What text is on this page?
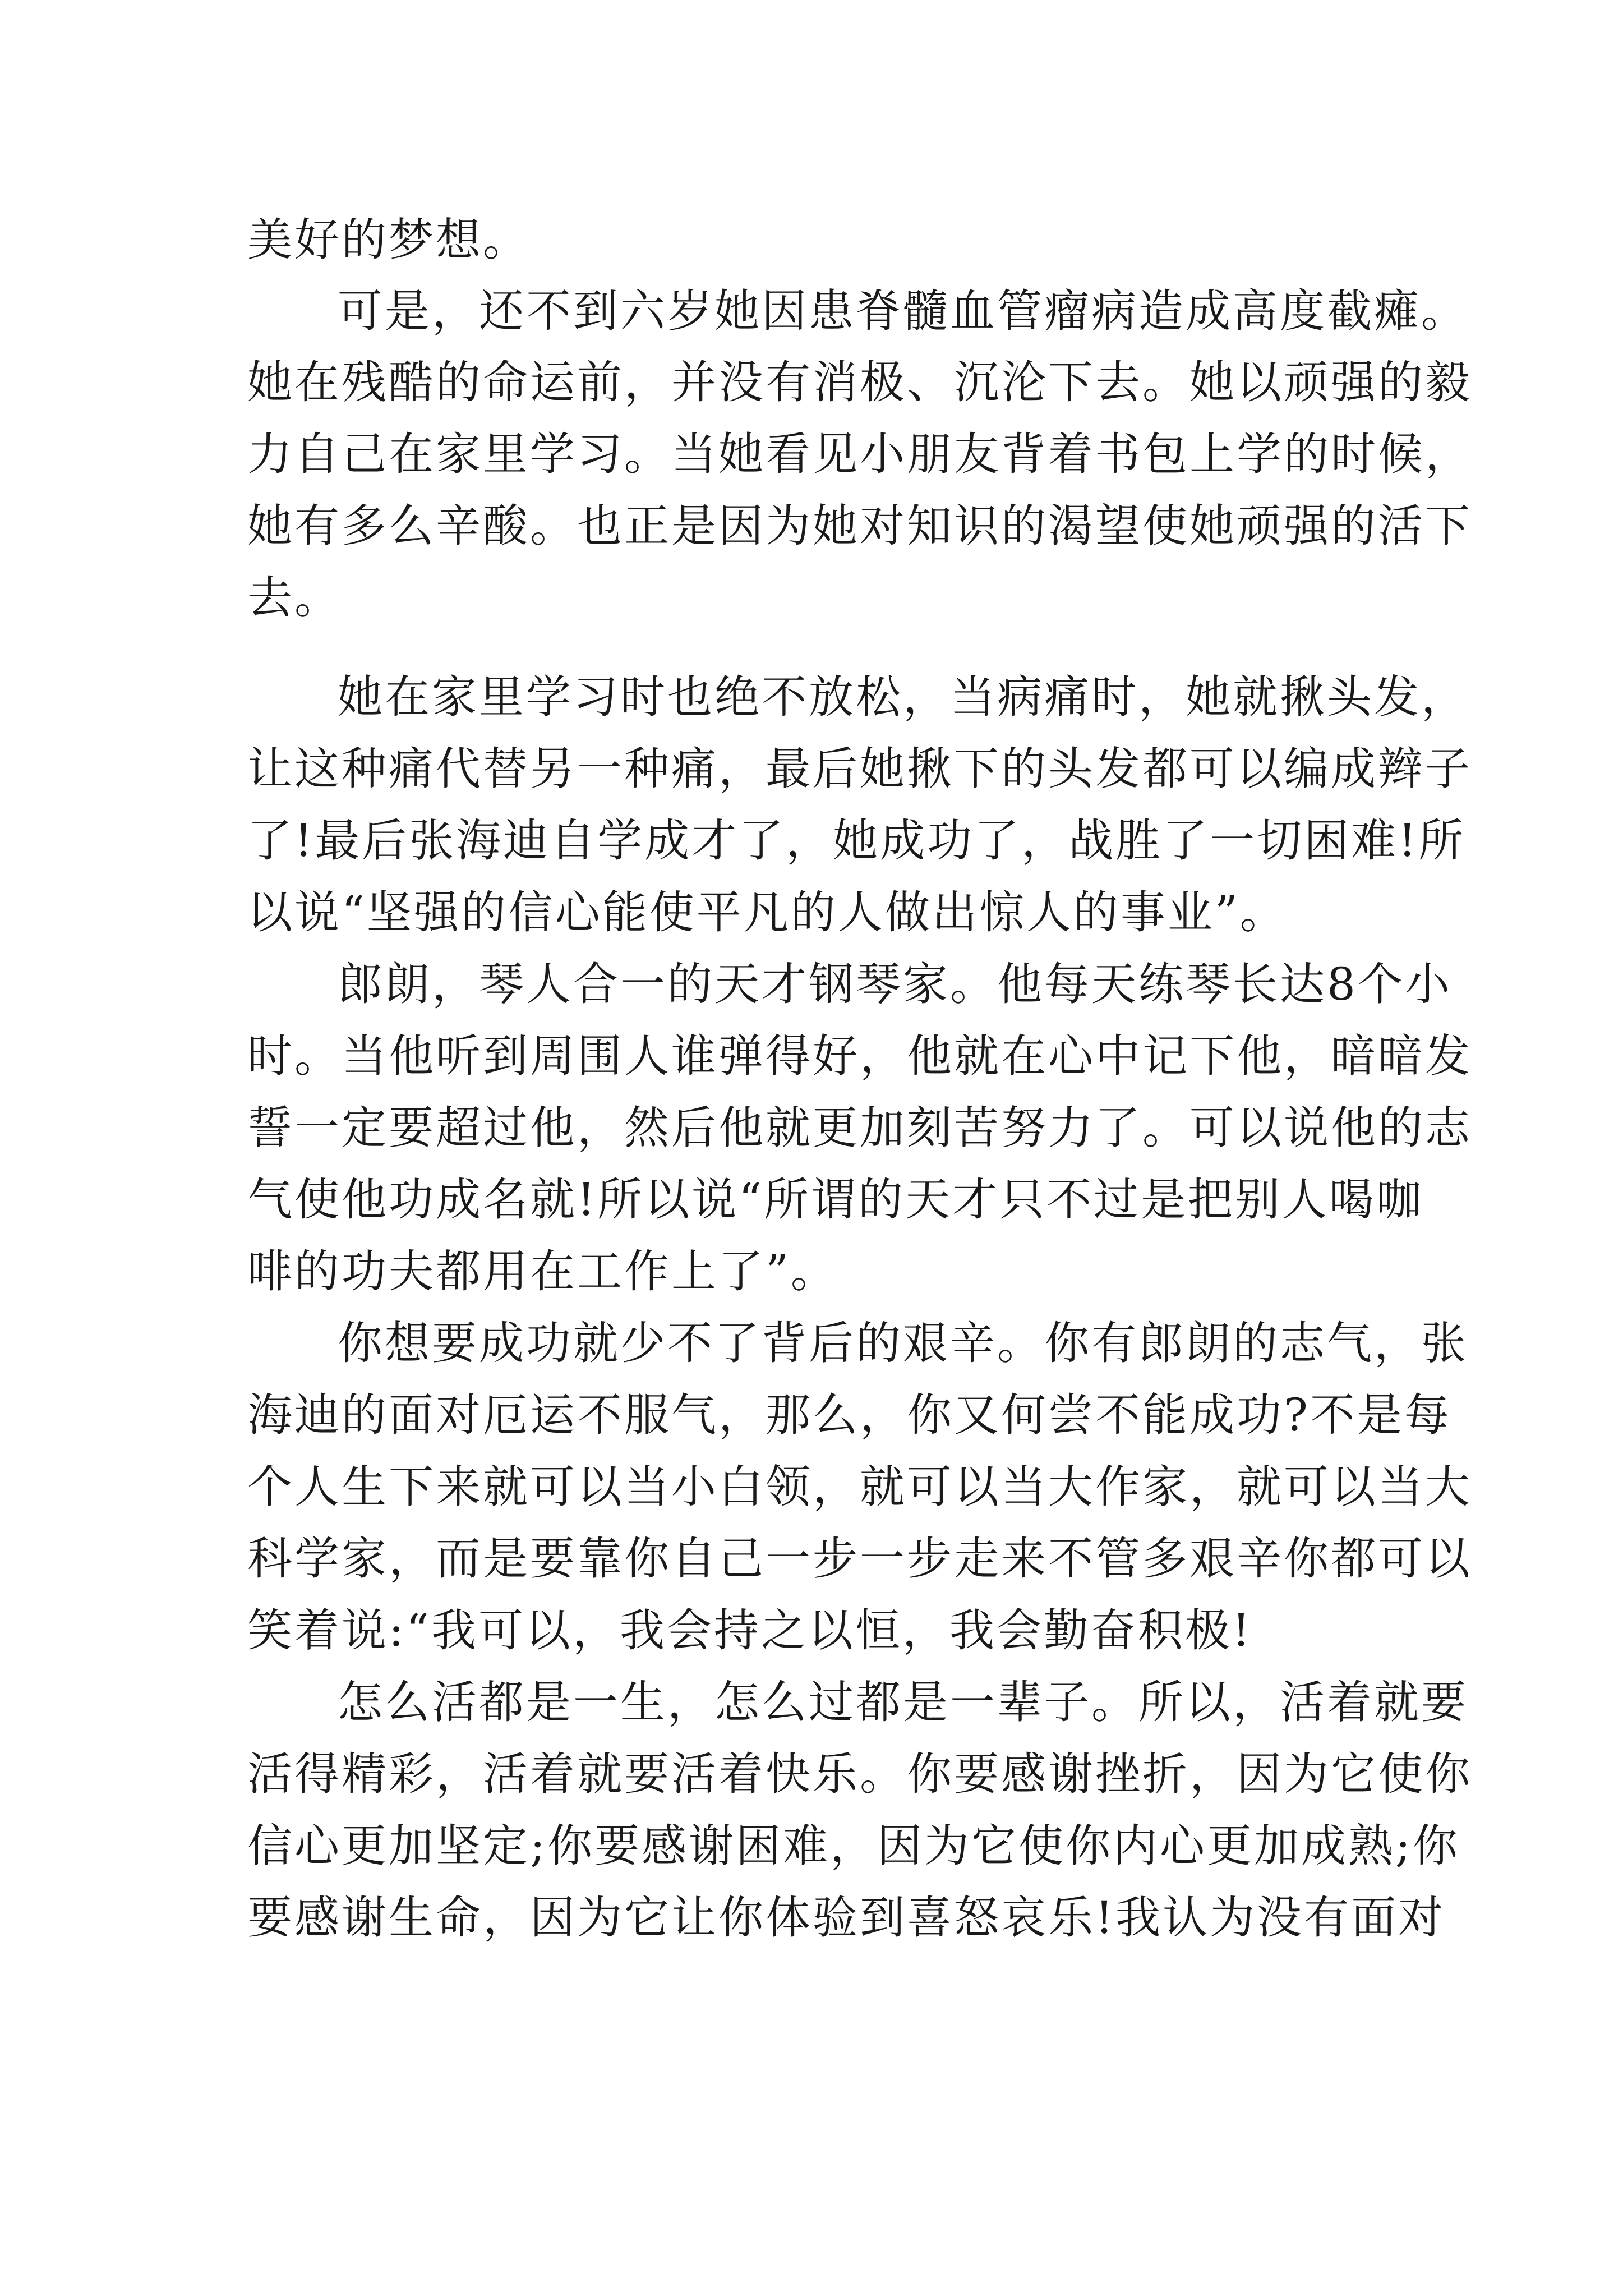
美好的梦想。
可是，还不到六岁她因患脊髓血管瘤病造成高度截瘫。
她在残酷的命运前，并没有消极、沉沦下去。她以顽强的毅
力自己在家里学习。当她看见小朋友背着书包上学的时候，
她有多么辛酸。也正是因为她对知识的渴望使她顽强的活下
去。
她在家里学习时也绝不放松，当病痛时，她就揪头发，
让这种痛代替另一种痛，最后她揪下的头发都可以编成辫子
了!最后张海迪自学成才了，她成功了，战胜了一切困难!所
以说“坚强的信心能使平凡的人做出惊人的事业”。
郎朗，琴人合一的天才钢琴家。他每天练琴长达8个小
时。当他听到周围人谁弹得好，他就在心中记下他，暗暗发
誓一定要超过他，然后他就更加刻苦努力了。可以说他的志
气使他功成名就!所以说“所谓的天才只不过是把别人喝咖
啡的功夫都用在工作上了”。
你想要成功就少不了背后的艰辛。你有郎朗的志气，张
海迪的面对厄运不服气，那么，你又何尝不能成功?不是每
个人生下来就可以当小白领，就可以当大作家，就可以当大
科学家，而是要靠你自己一步一步走来不管多艰辛你都可以
笑着说:“我可以，我会持之以恒，我会勤奋积极!
怎么活都是一生，怎么过都是一辈子。所以，活着就要
活得精彩，活着就要活着快乐。你要感谢挫折，因为它使你
信心更加坚定;你要感谢困难，因为它使你内心更加成熟;你
要感谢生命，因为它让你体验到喜怒哀乐!我认为没有面对
